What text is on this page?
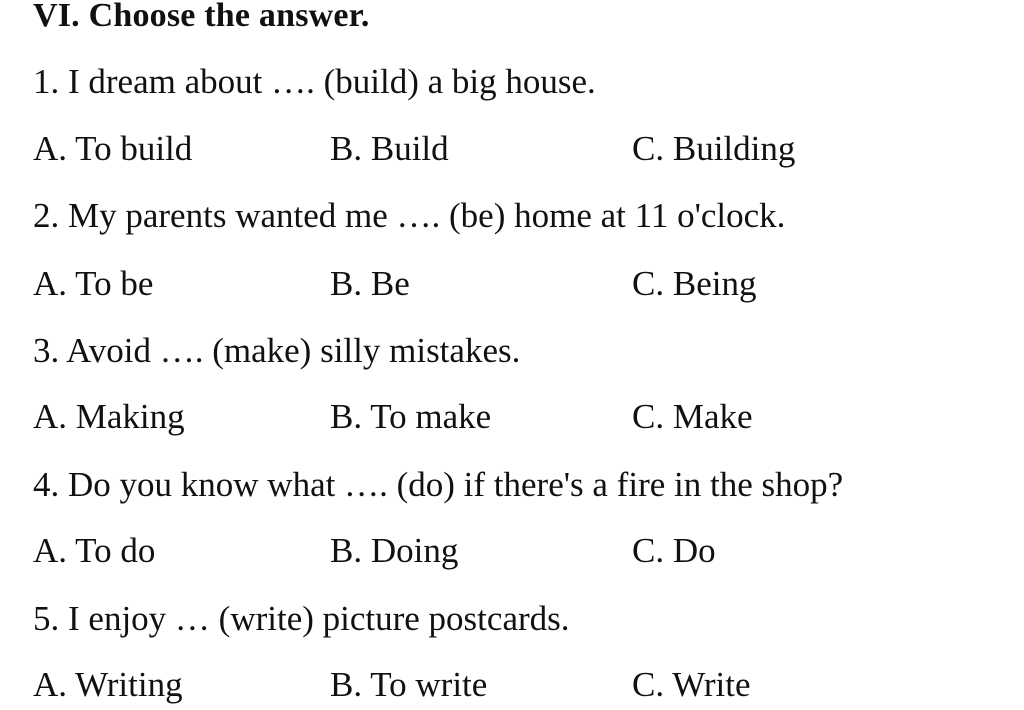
VI. Choose the answer.
1. I dream about …. (build) a big house.
A. To build	B. Build	C. Building
2. My parents wanted me …. (be) home at 11 o'clock.
A. To be	B. Be	C. Being
3. Avoid …. (make) silly mistakes.
A. Making	B. To make	C. Make
4. Do you know what …. (do) if there's a fire in the shop?
A. To do	B. Doing	C. Do
5. I enjoy … (write) picture postcards.
A. Writing	B. To write	C. Write
